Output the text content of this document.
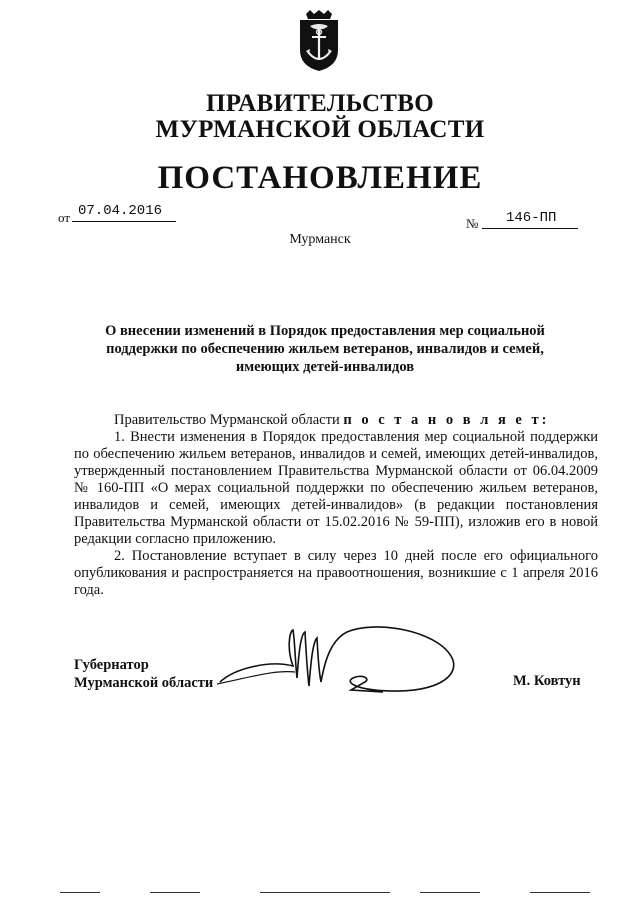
ПРАВИТЕЛЬСТВО
МУРМАНСКОЙ ОБЛАСТИ
ПОСТАНОВЛЕНИЕ
от 07.04.2016
№	146-ПП
Мурманск
О внесении изменений в Порядок предоставления мер социальной поддержки по обеспечению жильем ветеранов, инвалидов и семей, имеющих детей-инвалидов

Правительство Мурманской области п о с т а н о в л я е т:

1. Внести изменения в Порядок предоставления мер социальной поддержки по обеспечению жильем ветеранов, инвалидов и семей, имеющих детей-инвалидов, утвержденный постановлением Правительства Мурманской области от 06.04.2009 № 160-ПП «О мерах социальной поддержки по обеспечению жильем ветеранов, инвалидов и семей, имеющих детей-инвалидов» (в редакции постановления Правительства Мурманской области от 15.02.2016 № 59-ПП), изложив его в новой редакции согласно приложению.

2. Постановление вступает в силу через 10 дней после его официального опубликования и распространяется на правоотношения, возникшие с 1 апреля 2016 года.

Губернатор
Мурманской области	М. Ковтун
